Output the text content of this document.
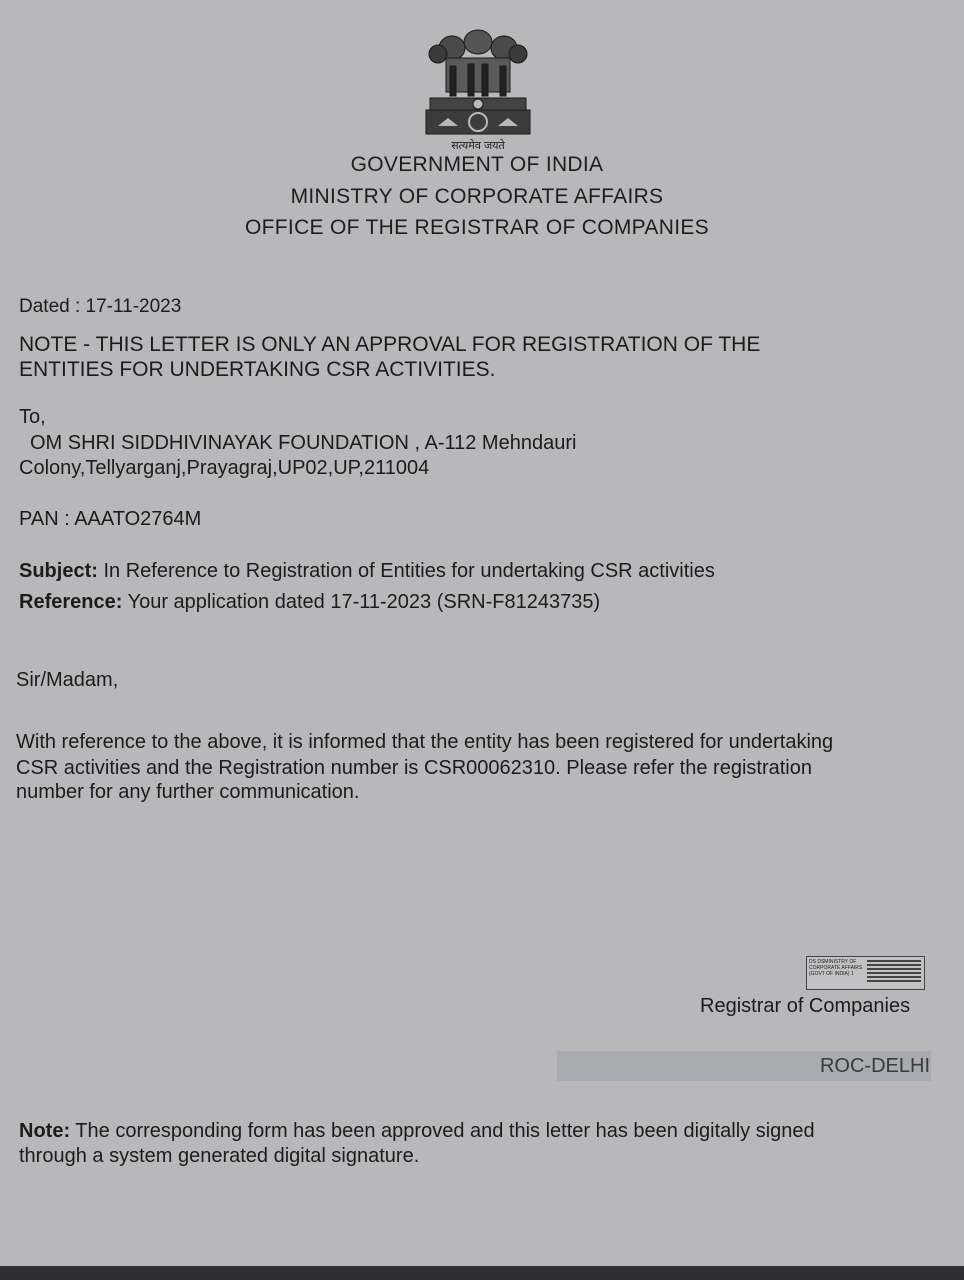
सत्यमेव जयते
GOVERNMENT OF INDIA
MINISTRY OF CORPORATE AFFAIRS
OFFICE OF THE REGISTRAR OF COMPANIES
Dated : 17-11-2023
NOTE - THIS LETTER IS ONLY AN APPROVAL FOR REGISTRATION OF THE
ENTITIES FOR UNDERTAKING CSR ACTIVITIES.
To,
OM SHRI SIDDHIVINAYAK FOUNDATION , A-112 Mehndauri
Colony,Tellyarganj,Prayagraj,UP02,UP,211004
PAN : AAATO2764M
Subject: In Reference to Registration of Entities for undertaking CSR activities
Reference: Your application dated 17-11-2023 (SRN-F81243735)
Sir/Madam,
With reference to the above, it is informed that the entity has been registered for undertaking
CSR activities and the Registration number is CSR00062310. Please refer the registration
number for any further communication.
DS DSMINISTRY OF CORPORATE AFFAIRS (GOVT OF INDIA) 1
Registrar of Companies
ROC-DELHI
Note: The corresponding form has been approved and this letter has been digitally signed
through a system generated digital signature.
